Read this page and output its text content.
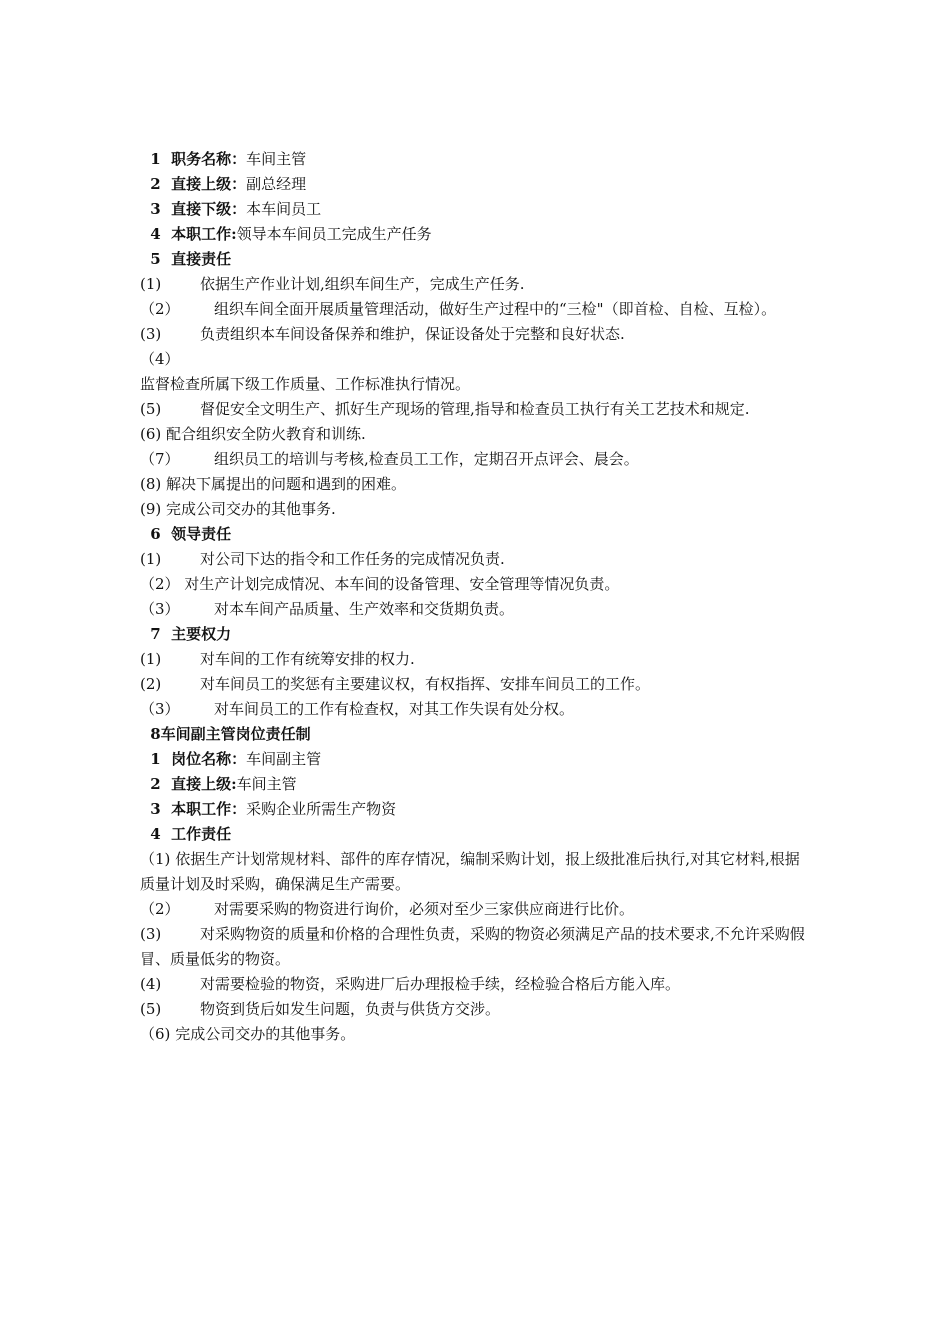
1  职务名称：车间主管
2  直接上级：副总经理
3  直接下级：本车间员工
4  本职工作:领导本车间员工完成生产任务
5  直接责任
(1)	依据生产作业计划,组织车间生产，完成生产任务.
（2） 组织车间全面开展质量管理活动，做好生产过程中的“三检"（即首检、自检、互检）。
(3)	负责组织本车间设备保养和维护，保证设备处于完整和良好状态.
（4）
监督检查所属下级工作质量、工作标准执行情况。
(5)	督促安全文明生产、抓好生产现场的管理,指导和检查员工执行有关工艺技术和规定.
(6) 配合组织安全防火教育和训练.
（7） 组织员工的培训与考核,检查员工工作，定期召开点评会、晨会。
(8) 解决下属提出的问题和遇到的困难。
(9) 完成公司交办的其他事务.
6  领导责任
(1)	对公司下达的指令和工作任务的完成情况负责.
（2） 对生产计划完成情况、本车间的设备管理、安全管理等情况负责。
（3） 对本车间产品质量、生产效率和交货期负责。
7  主要权力
(1)	对车间的工作有统筹安排的权力.
(2)	对车间员工的奖惩有主要建议权，有权指挥、安排车间员工的工作。
（3） 对车间员工的工作有检查权，对其工作失误有处分权。
8车间副主管岗位责任制
1  岗位名称：车间副主管
2  直接上级:车间主管
3  本职工作：采购企业所需生产物资
4  工作责任
（1) 依据生产计划常规材料、部件的库存情况，编制采购计划，报上级批准后执行,对其它材料,根据质量计划及时采购，确保满足生产需要。
（2） 对需要采购的物资进行询价，必须对至少三家供应商进行比价。
(3)	对采购物资的质量和价格的合理性负责，采购的物资必须满足产品的技术要求,不允许采购假冒、质量低劣的物资。
(4)	对需要检验的物资，采购进厂后办理报检手续，经检验合格后方能入库。
(5)	物资到货后如发生问题，负责与供货方交涉。
（6) 完成公司交办的其他事务。
